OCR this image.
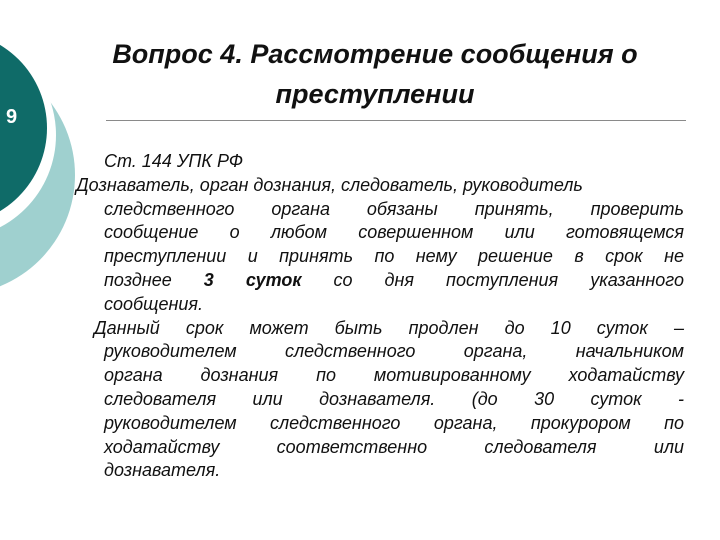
9
Вопрос 4. Рассмотрение сообщения о
преступлении
Ст. 144 УПК РФ
Дознаватель, орган дознания, следователь, руководитель
следственного органа обязаны принять, проверить
сообщение о любом совершенном или готовящемся
преступлении и принять по нему решение в срок не
позднее 3 суток со дня поступления указанного
сообщения.
Данный срок может быть продлен до 10 суток –
руководителем следственного органа, начальником
органа дознания по мотивированному ходатайству
следователя или дознавателя. (до 30 суток -
руководителем следственного органа, прокурором по
ходатайству соответственно следователя или
дознавателя.
